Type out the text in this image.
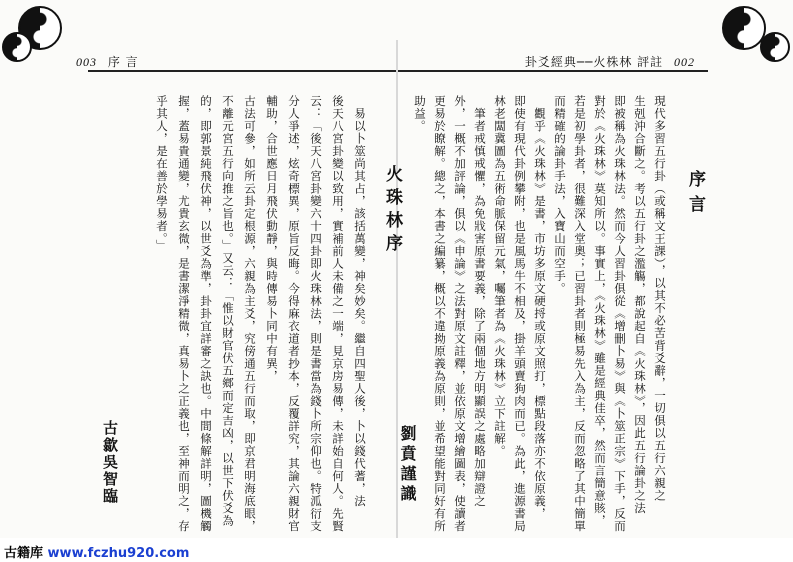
003 序 言	卦爻經典──火株林 評註 002
序言
現代多習五行卦（或稱文王課），以其不必苦背爻辭，一切俱以五行六親之
生剋沖合斷之。考以五行卦之濫觴，都說起自《火珠林》，因此五行論卦之法
即被稱為火珠林法。然而今人習卦俱從《增刪卜易》與《卜筮正宗》下手，反而
對於《火珠林》莫知所以。事實上，《火珠林》雖是經典佳卒，然而言簡意賅，
若是初學卦者，很難深入堂奧；已習卦者則極易先入為主，反而忽略了其中簡單
而精確的論卦手法，入寶山而空手。
　觀乎《火珠林》是書，市坊多原文硬捋或原文照打，標點段落亦不依原義，
即使有現代卦例攀附，也是風馬牛不相及，掛羊頭賣狗肉而已。為此，進源書局
林老闆冀圖為五術命脈保留元氣，囑筆者為《火珠林》立下註解。
　筆者戒慎戒懼，為免戕害原書要義，除了兩個地方明顯誤之處略加辯證之
外，一概不加評論，俱以《申論》之法對原文註釋，並依原文增繪圖表，使讀者
更易於瞭解。總之，本書之編纂，概以不違拗原義為原則，並希望能對同好有所
劉賁謹識
火珠林序
　易以卜筮尚其占，該括萬變，神矣妙矣。繼自四聖人後，卜以錢代蓍，法
後天八宮卦變以致用，實補前人未備之一端，見京房易傳，未詳始自何人。先賢
云：「後天八宮卦變六十四卦即火珠林法，則是書當為錢卜所宗仰也。特泒衍支
分人爭述，炫奇標異，原旨反晦。今得麻衣道者抄本，反覆詳究，其論六親財官
輔助，合世應日月飛伏動靜，與時傳易卜同中有異，
古法可參，如所云卦定根源，六親為主爻，究傍通五行而取，即京君明海底眼，
不離元宮五行向推之旨也。」又云：「惟以財官伏五鄉而定吉凶，以世下伏爻為
的，即郭景純飛伏神，以世爻為準，卦卦宜詳審之訣也。中間條解詳明，圖機觸
握，蓋易貴通變，尤貴玄微，是書潔淨精微，真易卜之正義也，至神而明之，存
乎其人，是在善於學易者。」
古歙吳智臨
古籍库 www.fczhu920.com
助益。
